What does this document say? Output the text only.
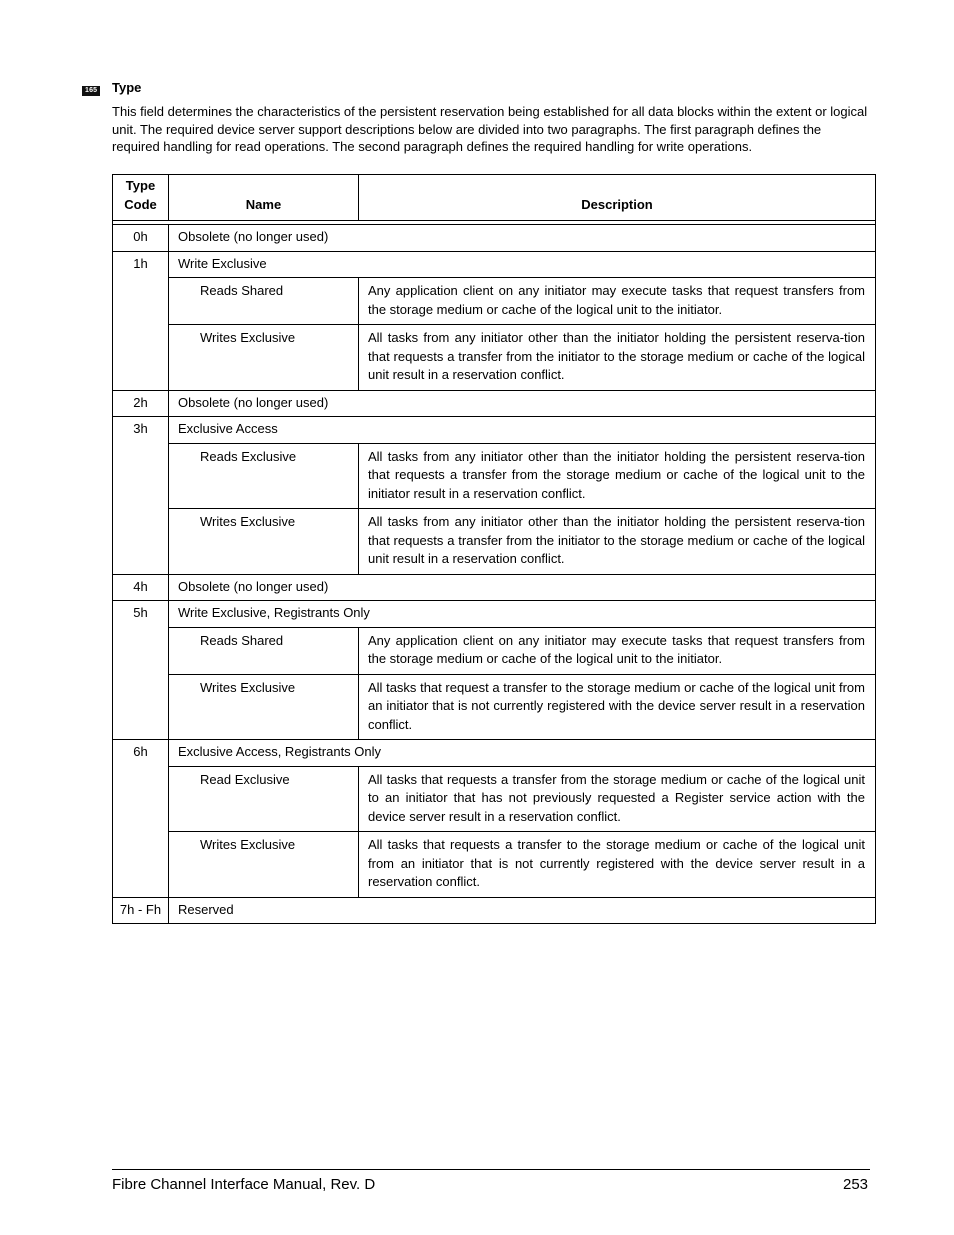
165 Type

This field determines the characteristics of the persistent reservation being established for all data blocks within the extent or logical unit. The required device server support descriptions below are divided into two paragraphs. The first paragraph defines the required handling for read operations. The second paragraph defines the required handling for write operations.

Type Code	Name	Description

0h	Obsolete (no longer used)	
1h	Write Exclusive	
	Reads Shared	Any application client on any initiator may execute tasks that request transfers from the storage medium or cache of the logical unit to the initiator.
	Writes Exclusive	All tasks from any initiator other than the initiator holding the persistent reserva-tion that requests a transfer from the initiator to the storage medium or cache of the logical unit result in a reservation conflict.
2h	Obsolete (no longer used)	
3h	Exclusive Access	
	Reads Exclusive	All tasks from any initiator other than the initiator holding the persistent reserva-tion that requests a transfer from the storage medium or cache of the logical unit to the initiator result in a reservation conflict.
	Writes Exclusive	All tasks from any initiator other than the initiator holding the persistent reserva-tion that requests a transfer from the initiator to the storage medium or cache of the logical unit result in a reservation conflict.
4h	Obsolete (no longer used)	
5h	Write Exclusive, Registrants Only	
	Reads Shared	Any application client on any initiator may execute tasks that request transfers from the storage medium or cache of the logical unit to the initiator.
	Writes Exclusive	All tasks that request a transfer to the storage medium or cache of the logical unit from an initiator that is not currently registered with the device server result in a reservation conflict.
6h	Exclusive Access, Registrants Only	
	Read Exclusive	All tasks that requests a transfer from the storage medium or cache of the logical unit to an initiator that has not previously requested a Register service action with the device server result in a reservation conflict.
	Writes Exclusive	All tasks that requests a transfer to the storage medium or cache of the logical unit from an initiator that is not currently registered with the device server result in a reservation conflict.
7h - Fh	Reserved	
Fibre Channel Interface Manual, Rev. D	253
